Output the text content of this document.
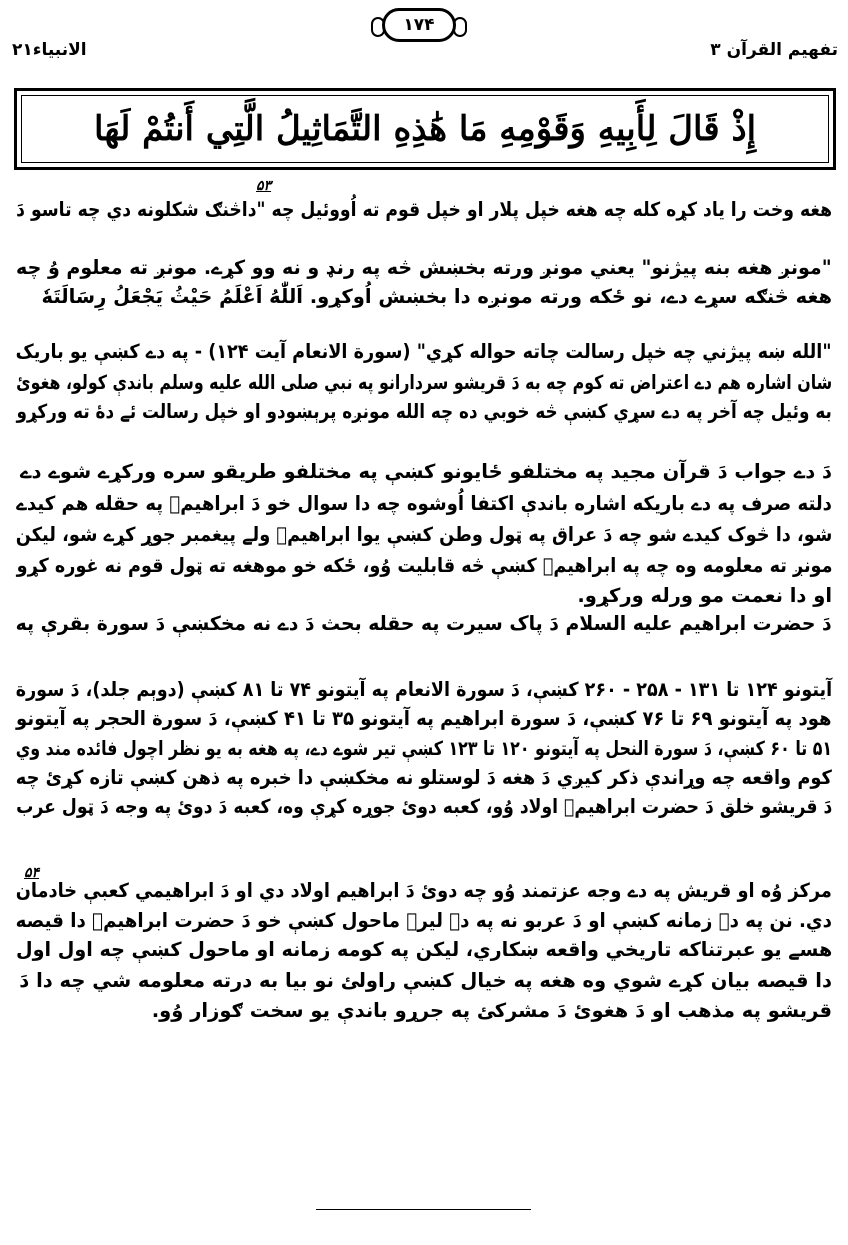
الانبياء۲۱
۱۷۴
تفهيم القرآن ۳
إِذْ قَالَ لِأَبِيهِ وَقَوْمِهِ مَا هَٰذِهِ التَّمَاثِيلُ الَّتِي أَنتُمْ لَهَا
۵۳
۵۴
هغه وخت را یاد کړه کله چه هغه خپل پلار او خپل قوم ته اُووئیل چه "داڅنګ شکلونه دي چه تاسو دَ
"مونږ هغه بنه پیژنو" یعني مونږ ورته بخښش څه په رنډ و نه وو کړے. مونږ ته معلوم وُ چه
هغه څنګه سړے دے، نو ځکه ورته مونږه دا بخښش اُوکړو. اَللّٰهُ اَعْلَمُ حَیْثُ یَجْعَلُ رِسَالَتَهٗ
"الله ښه پیژني چه خپل رسالت چاته حواله کړي" (سورة الانعام آیت ۱۲۴) - په دے کښې یو باریک
شان اشاره هم دے اعتراض ته کوم چه به دَ قریشو سردارانو په نبي صلی الله علیه وسلم باندې کولو، هغوئ
به وئیل چه آخر په دے سړي کښې څه خوبي ده چه الله مونږه پرېښودو او خپل رسالت ئے دهٔ ته ورکړو
دَ دے جواب دَ قرآن مجید په مختلفو ځایونو کښې په مختلفو طریقو سره ورکړے شوے دے
دلته صرف په دے باریکه اشاره باندې اکتفا اُوشوه چه دا سوال خو دَ ابراهیمؑ په حقله هم کیدے
شو، دا څوک کیدے شو چه دَ عراق په ټول وطن کښې یوا ابراهیمؑ ولے پیغمبر جوړ کړے شو، لیکن
مونږ ته معلومه وه چه په ابراهیمؑ کښې څه قابلیت وُو، ځکه خو موهغه ته ټول قوم نه غوره کړو
او دا نعمت مو ورله ورکړو.
دَ حضرت ابراهیم علیه السلام دَ پاک سیرت په حقله بحث دَ دے نه مخکښې دَ سورة بقرې په
آیتونو ۱۲۴ تا ۱۳۱ - ۲۵۸ - ۲۶۰ کښې، دَ سورة الانعام په آیتونو ۷۴ تا ۸۱ کښې (دوېم جلد)، دَ سورة
هود په آیتونو ۶۹ تا ۷۶ کښې، دَ سورة ابراهیم په آیتونو ۳۵ تا ۴۱ کښې، دَ سورة الحجر په آیتونو
۵۱ تا ۶۰ کښې، دَ سورة النحل په آیتونو ۱۲۰ تا ۱۲۳ کښې تیر شوے دے، په هغه به یو نظر اچول فائده مند وي
کوم واقعه چه وړاندې ذکر کیږي دَ هغه دَ لوستلو نه مخکښې دا خبره په ذهن کښې تازه کړئ چه
دَ قریشو خلق دَ حضرت ابراهیمؑ اولاد وُو، کعبه دوئ جوړه کړې وه، کعبه دَ دوئ په وجه دَ ټول عرب
مرکز وُه او قریش په دے وجه عزتمند وُو چه دوئ دَ ابراهیم اولاد دي او دَ ابراهیمي کعبې خادمان
دي. نن په دے زمانه کښې او دَ عربو نه په دے لیرے ماحول کښې خو دَ حضرت ابراهیمؑ دا قیصه
هسے یو عبرتناکه تاریخي واقعه ښکاري، لیکن په کومه زمانه او ماحول کښې چه اول اول
دا قیصه بیان کړے شوي وه هغه په خیال کښې راولئ نو بیا به درته معلومه شي چه دا دَ
قریشو په مذهب او دَ هغوئ دَ مشرکئ په جرړو باندې یو سخت ګوزار وُو.
